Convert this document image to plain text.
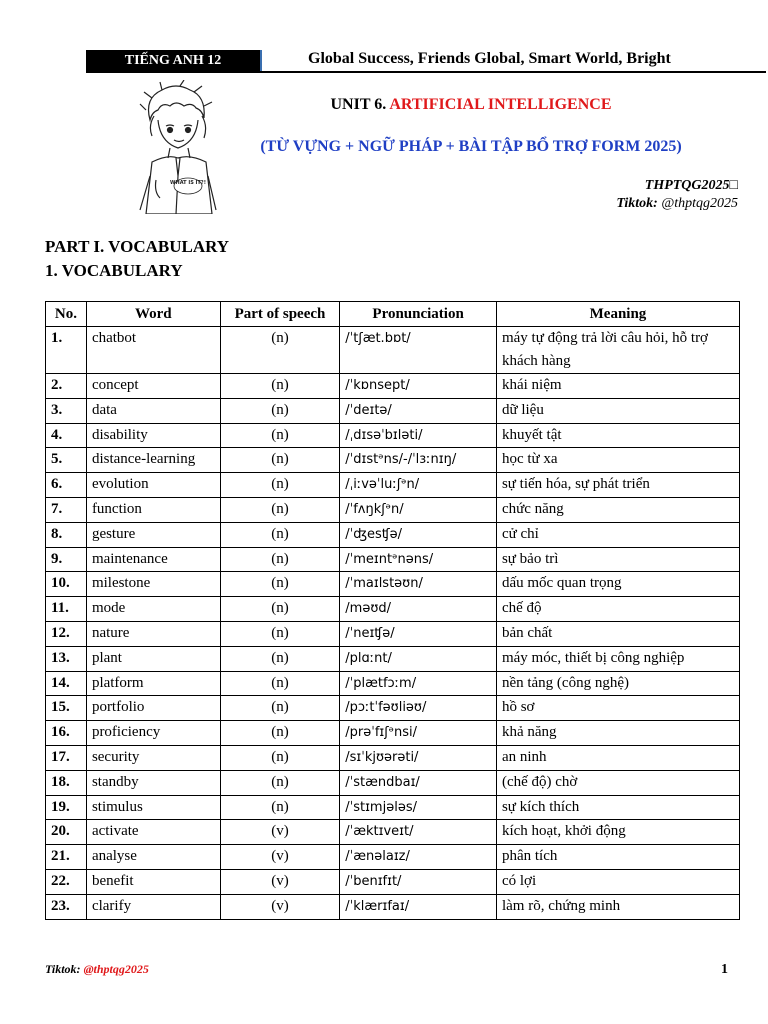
TIẾNG ANH 12	Global Success, Friends Global, Smart World, Bright
WHAT IS IT?!
UNIT 6. ARTIFICIAL INTELLIGENCE
(TỪ VỰNG + NGỮ PHÁP + BÀI TẬP BỔ TRỢ FORM 2025)
THPTQG2025□
Tiktok: @thptqg2025
PART I. VOCABULARY
1. VOCABULARY
No.	Word	Part of speech	Pronunciation	Meaning
1.	chatbot	(n)	/ˈtʃæt.bɒt/	máy tự động trả lời câu hỏi, hỗ trợ khách hàng
2.	concept	(n)	/ˈkɒnsept/	khái niệm
3.	data	(n)	/ˈdeɪtə/	dữ liệu
4.	disability	(n)	/ˌdɪsəˈbɪləti/	khuyết tật
5.	distance-learning	(n)	/ˈdɪstᵊns/-/ˈlɜːnɪŋ/	học từ xa
6.	evolution	(n)	/ˌiːvəˈluːʃᵊn/	sự tiến hóa, sự phát triển
7.	function	(n)	/ˈfʌŋkʃᵊn/	chức năng
8.	gesture	(n)	/ˈʤesʧə/	cử chỉ
9.	maintenance	(n)	/ˈmeɪntᵊnəns/	sự bảo trì
10.	milestone	(n)	/ˈmaɪlstəʊn/	dấu mốc quan trọng
11.	mode	(n)	/məʊd/	chế độ
12.	nature	(n)	/ˈneɪʧə/	bản chất
13.	plant	(n)	/plɑːnt/	máy móc, thiết bị công nghiệp
14.	platform	(n)	/ˈplætfɔːm/	nền tảng (công nghệ)
15.	portfolio	(n)	/pɔːtˈfəʊliəʊ/	hồ sơ
16.	proficiency	(n)	/prəˈfɪʃᵊnsi/	khả năng
17.	security	(n)	/sɪˈkjʊərəti/	an ninh
18.	standby	(n)	/ˈstændbaɪ/	(chế độ) chờ
19.	stimulus	(n)	/ˈstɪmjələs/	sự kích thích
20.	activate	(v)	/ˈæktɪveɪt/	kích hoạt, khởi động
21.	analyse	(v)	/ˈænəlaɪz/	phân tích
22.	benefit	(v)	/ˈbenɪfɪt/	có lợi
23.	clarify	(v)	/ˈklærɪfaɪ/	làm rõ, chứng minh
Tiktok: @thptqg2025	1
